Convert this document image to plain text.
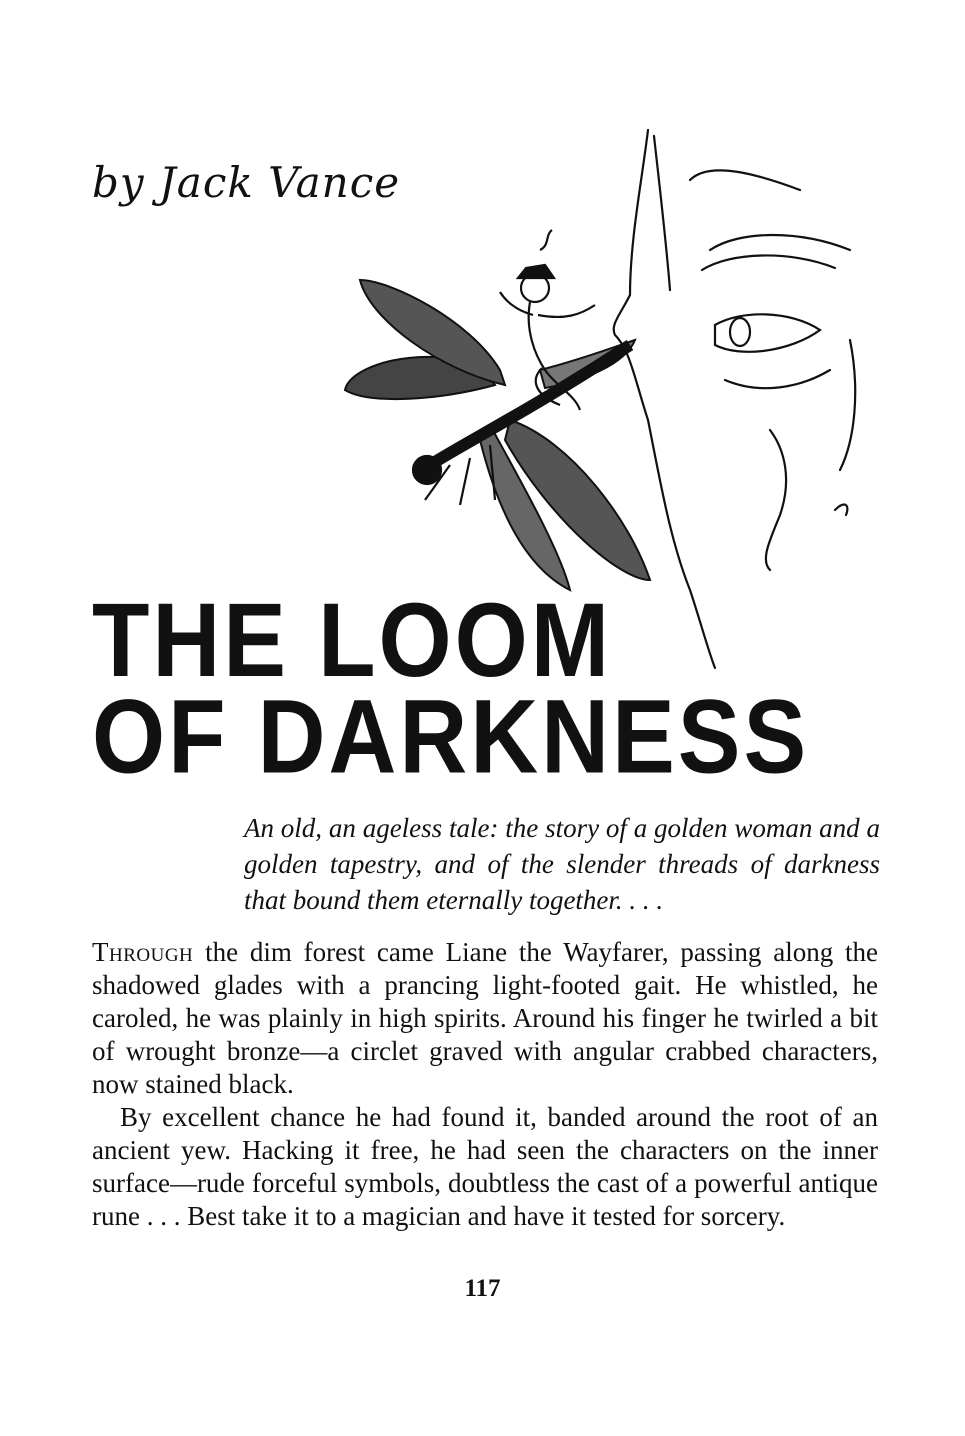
by Jack Vance
THE LOOM
OF DARKNESS
An old, an ageless tale: the story of a golden woman and a golden tapestry, and of the slender threads of darkness that bound them eternally together. . . .

Through the dim forest came Liane the Wayfarer, passing along the shadowed glades with a prancing light-footed gait. He whistled, he caroled, he was plainly in high spirits. Around his finger he twirled a bit of wrought bronze—a circlet graved with angular crabbed characters, now stained black.

By excellent chance he had found it, banded around the root of an ancient yew. Hacking it free, he had seen the characters on the inner surface—rude forceful symbols, doubtless the cast of a powerful antique rune . . . Best take it to a magician and have it tested for sorcery.

117
